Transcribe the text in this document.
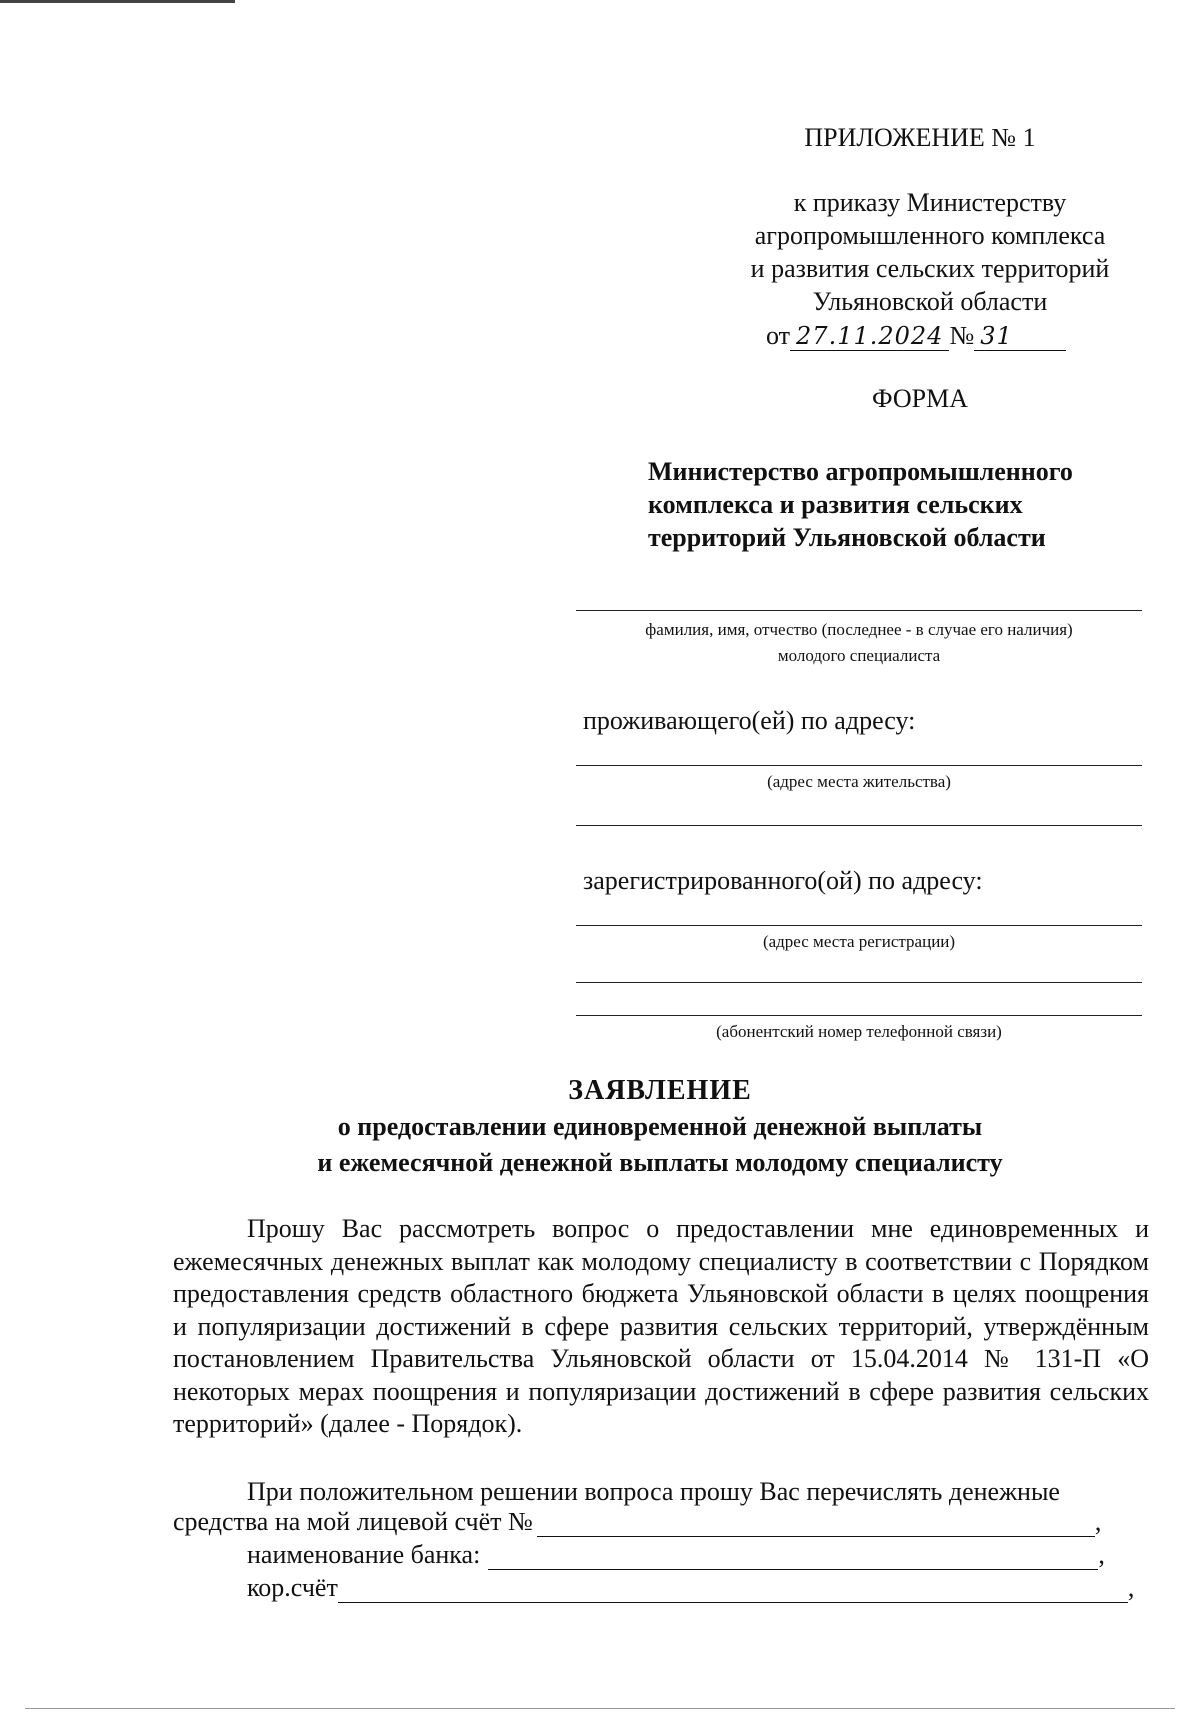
ПРИЛОЖЕНИЕ № 1
к приказу Министерству
агропромышленного комплекса
и развития сельских территорий
Ульяновской области
от 27.11.2024 № 31
ФОРМА
Министерство агропромышленного
комплекса и развития сельских
территорий Ульяновской области
фамилия, имя, отчество (последнее - в случае его наличия)
молодого специалиста
проживающего(ей) по адресу:
(адрес места жительства)
зарегистрированного(ой) по адресу:
(адрес места регистрации)
(абонентский номер телефонной связи)
ЗАЯВЛЕНИЕ
о предоставлении единовременной денежной выплаты
и ежемесячной денежной выплаты молодому специалисту
Прошу Вас рассмотреть вопрос о предоставлении мне единовременных и ежемесячных денежных выплат как молодому специалисту в соответствии с Порядком предоставления средств областного бюджета Ульяновской области в целях поощрения и популяризации достижений в сфере развития сельских территорий, утверждённым постановлением Правительства Ульяновской области от 15.04.2014 № 131-П «О некоторых мерах поощрения и популяризации достижений в сфере развития сельских территорий» (далее - Порядок).
При положительном решении вопроса прошу Вас перечислять денежные
средства на мой лицевой счёт №	,
наименование банка:	,
кор.счёт	,
